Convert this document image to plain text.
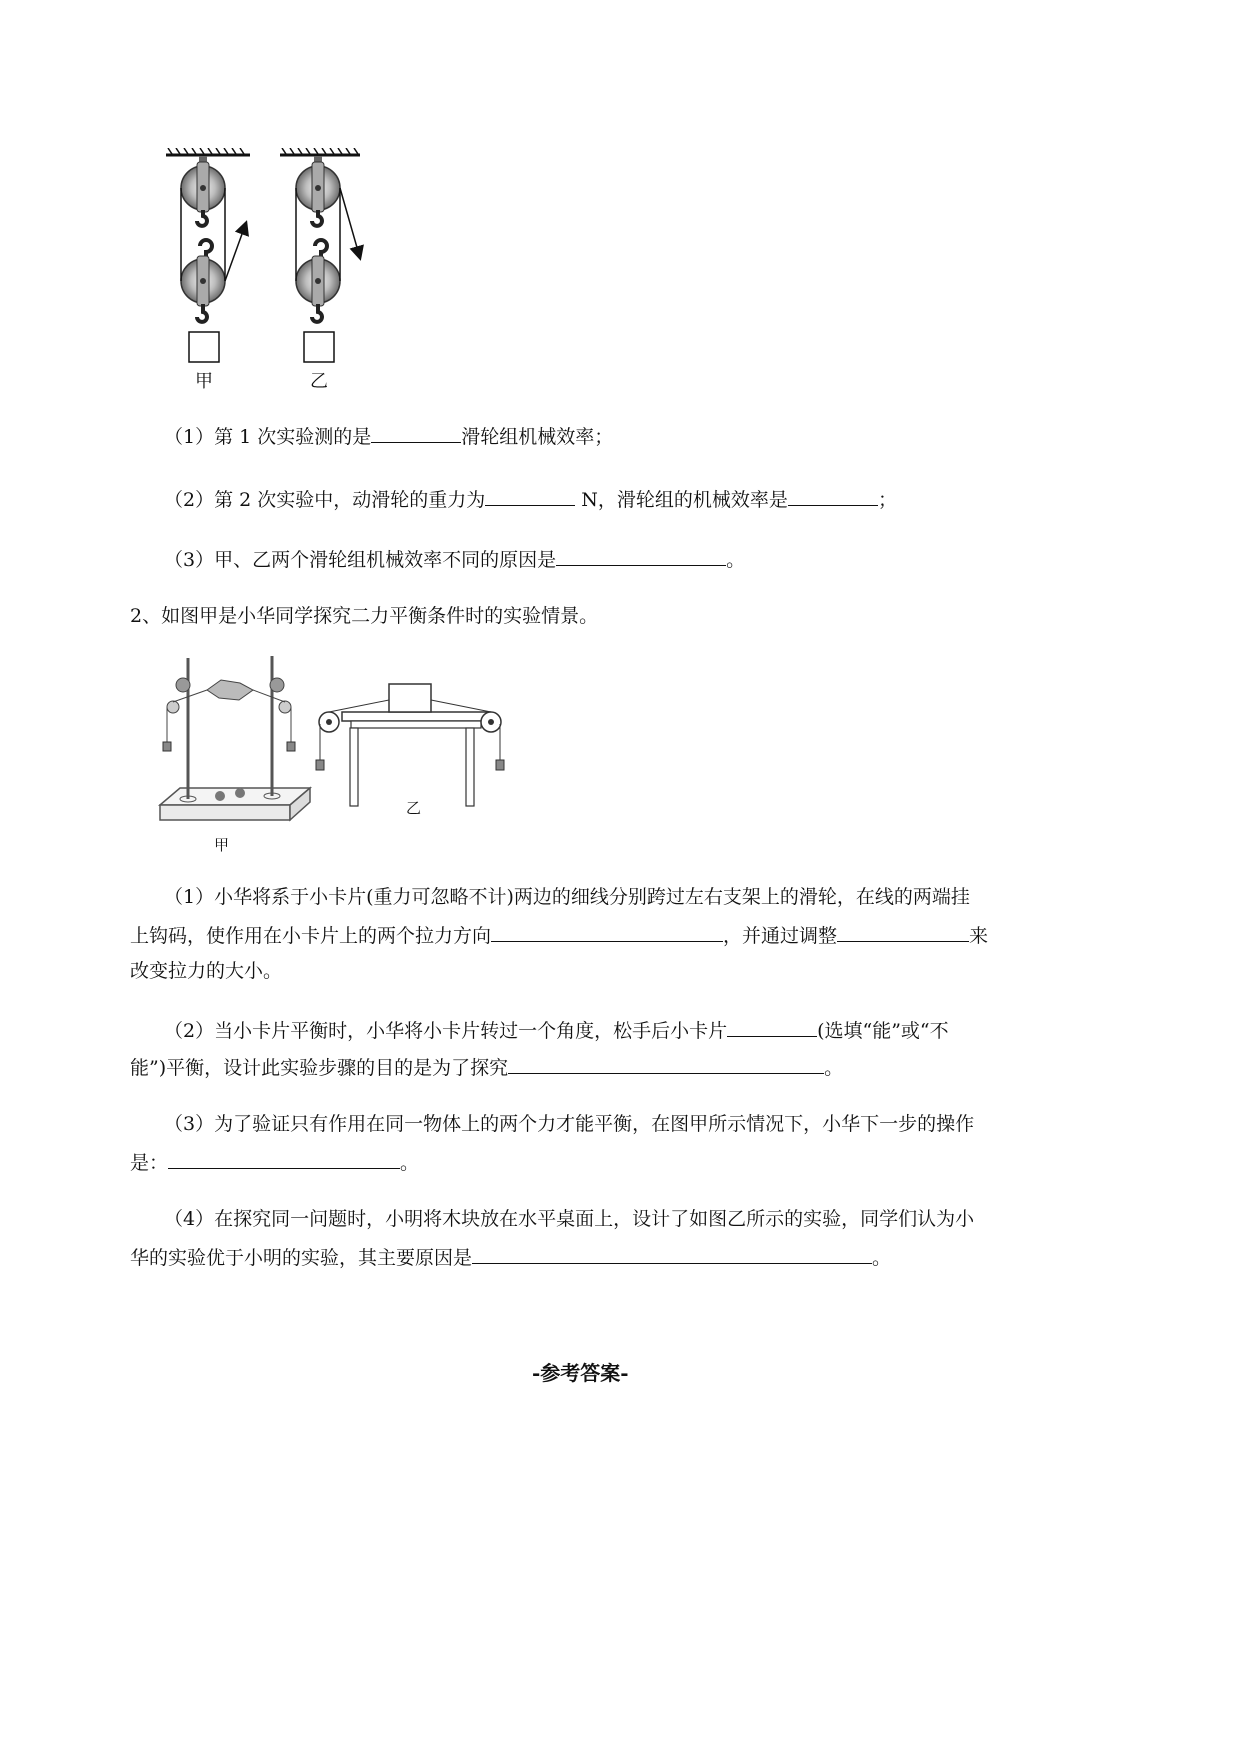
甲	乙
（1）第 1 次实验测的是	滑轮组机械效率；
（2）第 2 次实验中，动滑轮的重力为	N，滑轮组的机械效率是	；
（3）甲、乙两个滑轮组机械效率不同的原因是	。
2、如图甲是小华同学探究二力平衡条件时的实验情景。
甲
乙
（1）小华将系于小卡片(重力可忽略不计)两边的细线分别跨过左右支架上的滑轮，在线的两端挂
上钩码，使作用在小卡片上的两个拉力方向	，并通过调整	来
改变拉力的大小。
（2）当小卡片平衡时，小华将小卡片转过一个角度，松手后小卡片	(选填“能”或“不
能”)平衡，设计此实验步骤的目的是为了探究	。
（3）为了验证只有作用在同一物体上的两个力才能平衡，在图甲所示情况下，小华下一步的操作
是：	。
（4）在探究同一问题时，小明将木块放在水平桌面上，设计了如图乙所示的实验，同学们认为小
华的实验优于小明的实验，其主要原因是	。
-参考答案-
